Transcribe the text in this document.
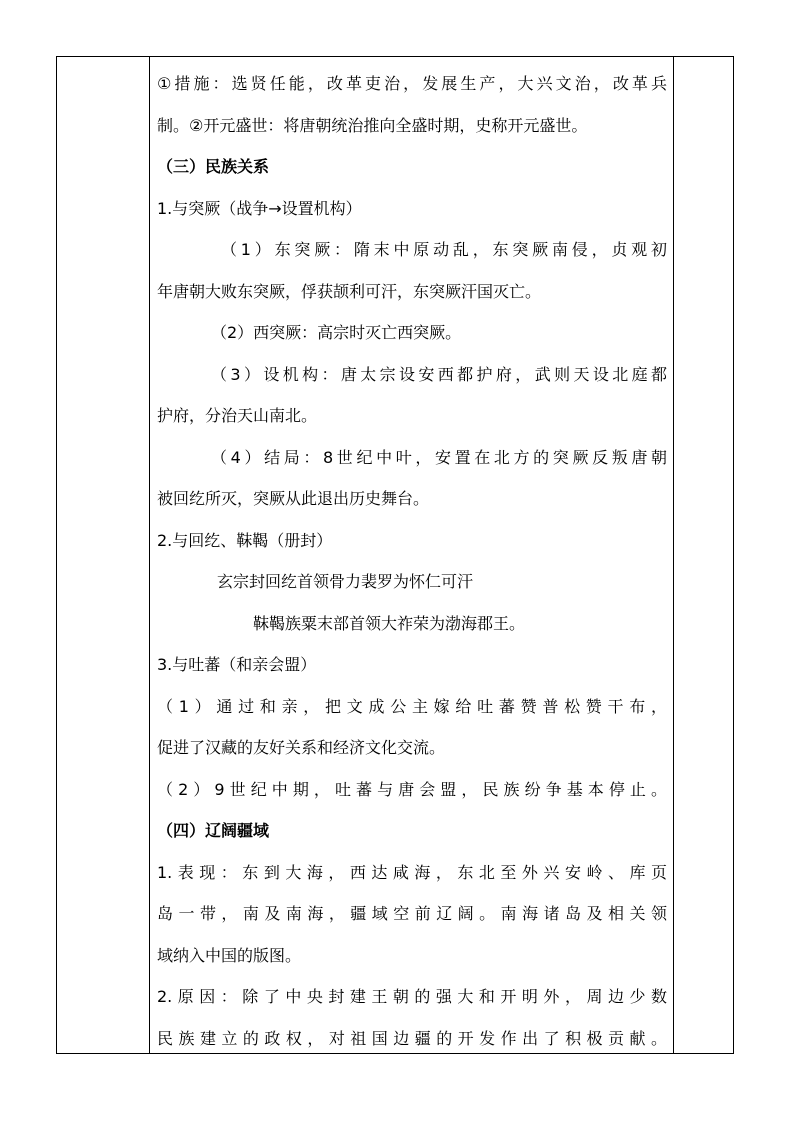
①措施：选贤任能，改革吏治，发展生产，大兴文治，改革兵
制。②开元盛世：将唐朝统治推向全盛时期，史称开元盛世。
（三）民族关系
1.与突厥（战争→设置机构）
（1）东突厥：隋末中原动乱，东突厥南侵，贞观初
年唐朝大败东突厥，俘获颉利可汗，东突厥汗国灭亡。
（2）西突厥：高宗时灭亡西突厥。
（3）设机构：唐太宗设安西都护府，武则天设北庭都
护府，分治天山南北。
（4）结局：8世纪中叶，安置在北方的突厥反叛唐朝
被回纥所灭，突厥从此退出历史舞台。
2.与回纥、靺鞨（册封）
玄宗封回纥首领骨力裴罗为怀仁可汗
靺鞨族粟末部首领大祚荣为渤海郡王。
3.与吐蕃（和亲会盟）
（1）通过和亲，把文成公主嫁给吐蕃赞普松赞干布，
促进了汉藏的友好关系和经济文化交流。
（2）9世纪中期，吐蕃与唐会盟，民族纷争基本停止。
（四）辽阔疆域
1.表现：东到大海，西达咸海，东北至外兴安岭、库页
岛一带，南及南海，疆域空前辽阔。南海诸岛及相关领
域纳入中国的版图。
2.原因：除了中央封建王朝的强大和开明外，周边少数
民族建立的政权，对祖国边疆的开发作出了积极贡献。
